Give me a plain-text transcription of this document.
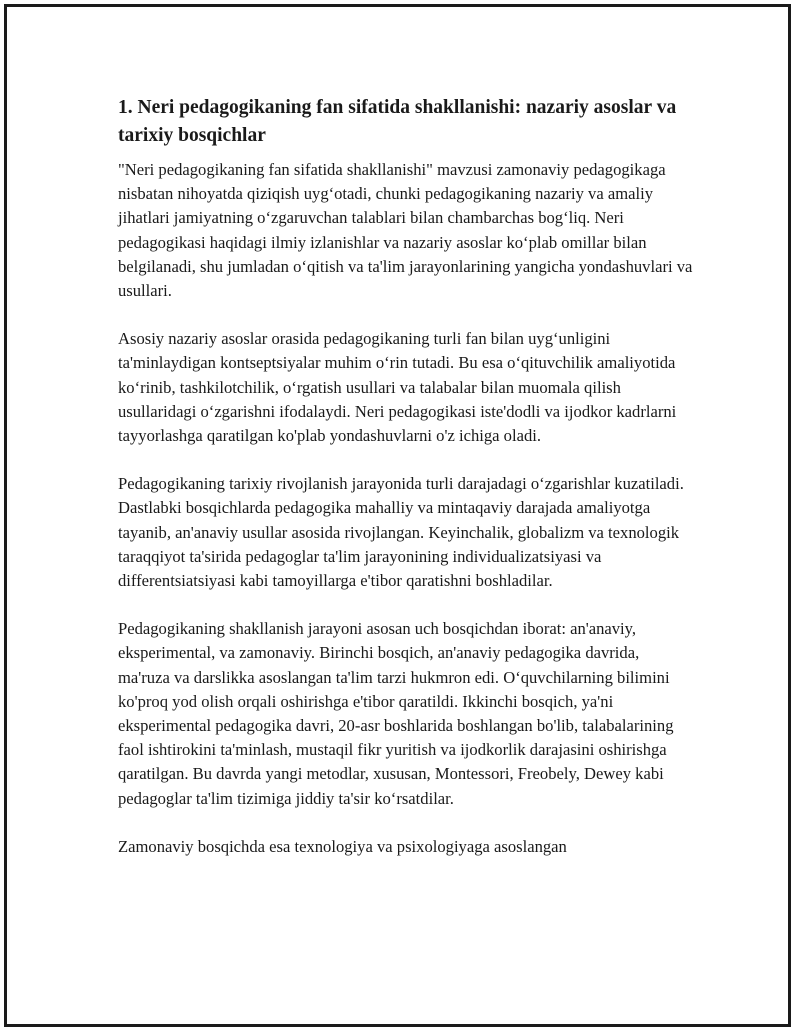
1. Neri pedagogikaning fan sifatida shakllanishi: nazariy asoslar va tarixiy bosqichlar

"Neri pedagogikaning fan sifatida shakllanishi" mavzusi zamonaviy pedagogikaga nisbatan nihoyatda qiziqish uyg‘otadi, chunki pedagogikaning nazariy va amaliy jihatlari jamiyatning o‘zgaruvchan talablari bilan chambarchas bog‘liq. Neri pedagogikasi haqidagi ilmiy izlanishlar va nazariy asoslar ko‘plab omillar bilan belgilanadi, shu jumladan o‘qitish va ta'lim jarayonlarining yangicha yondashuvlari va usullari.

Asosiy nazariy asoslar orasida pedagogikaning turli fan bilan uyg‘unligini ta'minlaydigan kontseptsiyalar muhim o‘rin tutadi. Bu esa o‘qituvchilik amaliyotida ko‘rinib, tashkilotchilik, o‘rgatish usullari va talabalar bilan muomala qilish usullaridagi o‘zgarishni ifodalaydi. Neri pedagogikasi iste'dodli va ijodkor kadrlarni tayyorlashga qaratilgan ko'plab yondashuvlarni o'z ichiga oladi.

Pedagogikaning tarixiy rivojlanish jarayonida turli darajadagi o‘zgarishlar kuzatiladi. Dastlabki bosqichlarda pedagogika mahalliy va mintaqaviy darajada amaliyotga tayanib, an'anaviy usullar asosida rivojlangan. Keyinchalik, globalizm va texnologik taraqqiyot ta'sirida pedagoglar ta'lim jarayonining individualizatsiyasi va differentsiatsiyasi kabi tamoyillarga e'tibor qaratishni boshladilar.

Pedagogikaning shakllanish jarayoni asosan uch bosqichdan iborat: an'anaviy, eksperimental, va zamonaviy. Birinchi bosqich, an'anaviy pedagogika davrida, ma'ruza va darslikka asoslangan ta'lim tarzi hukmron edi. O‘quvchilarning bilimini ko'proq yod olish orqali oshirishga e'tibor qaratildi. Ikkinchi bosqich, ya'ni eksperimental pedagogika davri, 20-asr boshlarida boshlangan bo'lib, talabalarining faol ishtirokini ta'minlash, mustaqil fikr yuritish va ijodkorlik darajasini oshirishga qaratilgan. Bu davrda yangi metodlar, xususan, Montessori, Freobely, Dewey kabi pedagoglar ta'lim tizimiga jiddiy ta'sir ko‘rsatdilar.

Zamonaviy bosqichda esa texnologiya va psixologiyaga asoslangan
